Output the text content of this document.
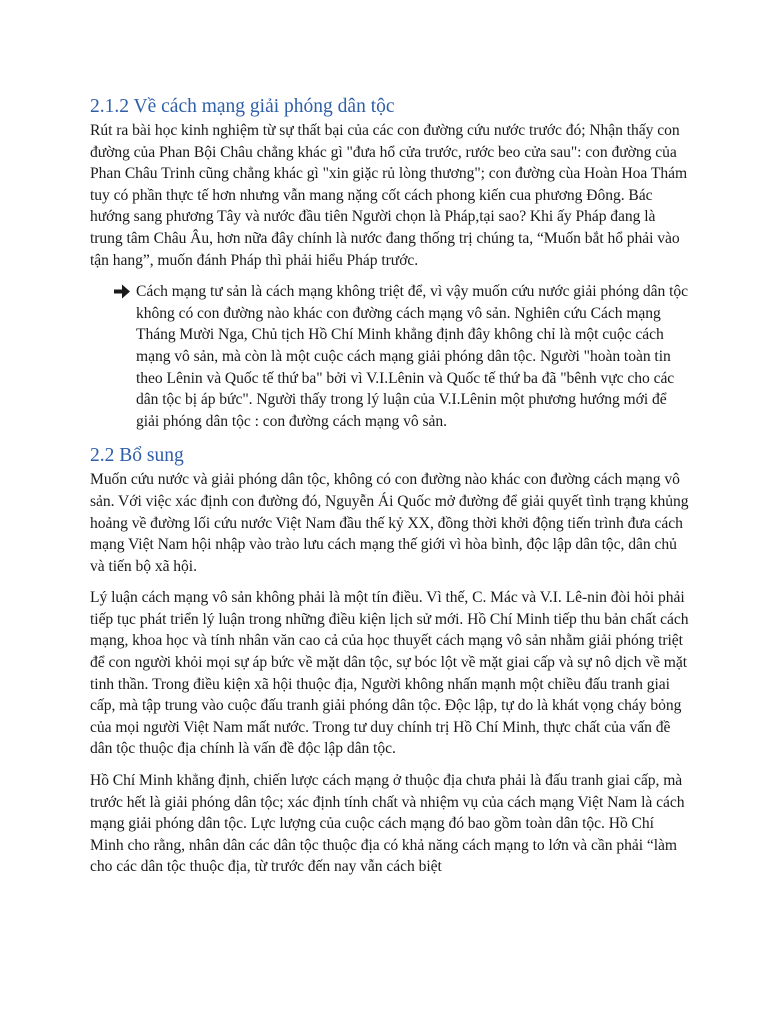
2.1.2 Về cách mạng giải phóng dân tộc

Rút ra bài học kinh nghiệm từ sự thất bại của các con đường cứu nước trước đó; Nhận thấy con đường của Phan Bội Châu chẳng khác gì "đưa hổ cửa trước, rước beo cửa sau": con đường của Phan Châu Trinh cũng chẳng khác gì "xin giặc rủ lòng thương"; con đường cùa Hoàn Hoa Thám tuy có phần thực tế hơn nhưng vẫn mang nặng cốt cách phong kiến cua phương Đông. Bác hướng sang phương Tây và nước đầu tiên Người chọn là Pháp,tại sao? Khi ấy Pháp đang là trung tâm Châu Âu, hơn nữa đây chính là nước đang thống trị chúng ta, “Muốn bắt hổ phải vào tận hang”, muốn đánh Pháp thì phải hiểu Pháp trước.

Cách mạng tư sản là cách mạng không triệt để, vì vậy muốn cứu nước giải phóng dân tộc không có con đường nào khác con đường cách mạng vô sản. Nghiên cứu Cách mạng Tháng Mười Nga, Chủ tịch Hồ Chí Minh khẳng định đây không chỉ là một cuộc cách mạng vô sản, mà còn là một cuộc cách mạng giải phóng dân tộc. Người "hoàn toàn tin theo Lênin và Quốc tế thứ ba" bởi vì V.I.Lênin và Quốc tế thứ ba đã "bênh vực cho các dân tộc bị áp bức". Người thấy trong lý luận của V.I.Lênin một phương hướng mới để giải phóng dân tộc : con đường cách mạng vô sản.

2.2 Bổ sung

Muốn cứu nước và giải phóng dân tộc, không có con đường nào khác con đường cách mạng vô sản. Với việc xác định con đường đó, Nguyễn Ái Quốc mở đường để giải quyết tình trạng khủng hoảng về đường lối cứu nước Việt Nam đầu thế kỷ XX, đồng thời khởi động tiến trình đưa cách mạng Việt Nam hội nhập vào trào lưu cách mạng thế giới vì hòa bình, độc lập dân tộc, dân chủ và tiến bộ xã hội.

Lý luận cách mạng vô sản không phải là một tín điều. Vì thế, C. Mác và V.I. Lê-nin đòi hỏi phải tiếp tục phát triển lý luận trong những điều kiện lịch sử mới. Hồ Chí Minh tiếp thu bản chất cách mạng, khoa học và tính nhân văn cao cả của học thuyết cách mạng vô sản nhằm giải phóng triệt để con người khỏi mọi sự áp bức về mặt dân tộc, sự bóc lột về mặt giai cấp và sự nô dịch về mặt tinh thần. Trong điều kiện xã hội thuộc địa, Người không nhấn mạnh một chiều đấu tranh giai cấp, mà tập trung vào cuộc đấu tranh giải phóng dân tộc. Độc lập, tự do là khát vọng cháy bỏng của mọi người Việt Nam mất nước. Trong tư duy chính trị Hồ Chí Minh, thực chất của vấn đề dân tộc thuộc địa chính là vấn đề độc lập dân tộc.

Hồ Chí Minh khẳng định, chiến lược cách mạng ở thuộc địa chưa phải là đấu tranh giai cấp, mà trước hết là giải phóng dân tộc; xác định tính chất và nhiệm vụ của cách mạng Việt Nam là cách mạng giải phóng dân tộc. Lực lượng của cuộc cách mạng đó bao gồm toàn dân tộc. Hồ Chí Minh cho rằng, nhân dân các dân tộc thuộc địa có khả năng cách mạng to lớn và cần phải “làm cho các dân tộc thuộc địa, từ trước đến nay vẫn cách biệt
